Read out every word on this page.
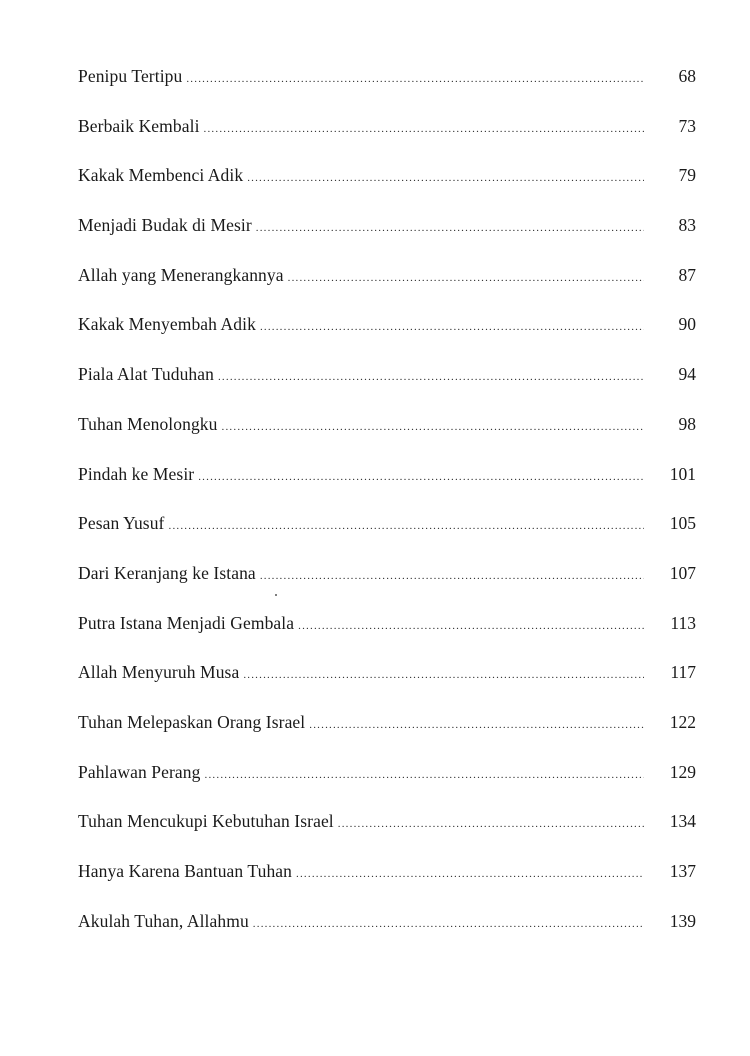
Penipu Tertipu .....	68
Berbaik Kembali .....	73
Kakak Membenci Adik .....	79
Menjadi Budak di Mesir .....	83
Allah yang Menerangkannya .....	87
Kakak Menyembah Adik .....	90
Piala Alat Tuduhan .....	94
Tuhan Menolongku .....	98
Pindah ke Mesir .....	101
Pesan Yusuf .....	105
Dari Keranjang ke Istana .....	107
Putra Istana Menjadi Gembala .....	113
Allah Menyuruh Musa .....	117
Tuhan Melepaskan Orang Israel .....	122
Pahlawan Perang .....	129
Tuhan Mencukupi Kebutuhan Israel .....	134
Hanya Karena Bantuan Tuhan .....	137
Akulah Tuhan, Allahmu .....	139
